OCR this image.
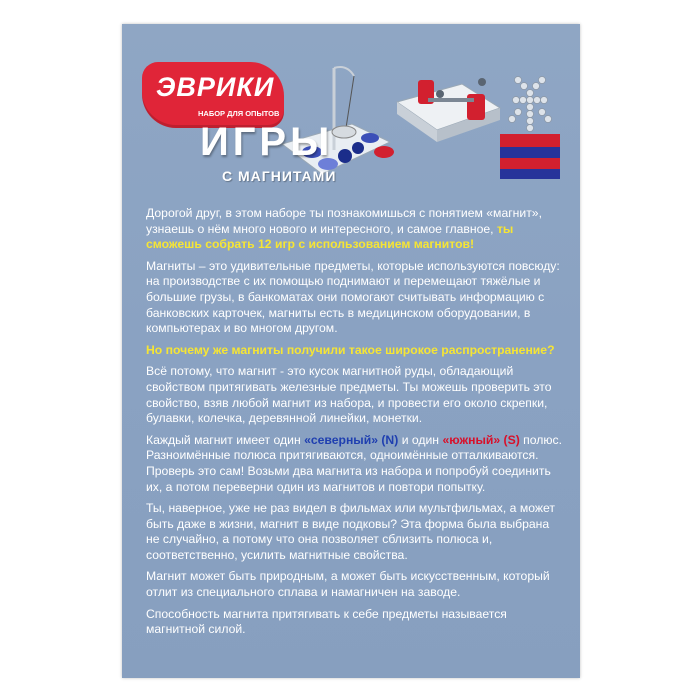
ЭВРИКИ
НАБОР ДЛЯ ОПЫТОВ
ИГРЫ
С МАГНИТАМИ

Дорогой друг, в этом наборе ты познакомишься с понятием «магнит», узнаешь о нём много нового и интересного, и самое главное, ты сможешь собрать 12 игр с использованием магнитов!

Магниты – это удивительные предметы, которые используются повсюду: на производстве с их помощью поднимают и перемещают тяжёлые и большие грузы, в банкоматах они помогают считывать информацию с банковских карточек, магниты есть в медицинском оборудовании, в компьютерах и во многом другом.

Но почему же магниты получили такое широкое распространение?

Всё потому, что магнит - это кусок магнитной руды, обладающий свойством притягивать железные предметы. Ты можешь проверить это свойство, взяв любой магнит из набора, и провести его около скрепки, булавки, колечка, деревянной линейки, монетки.

Каждый магнит имеет один «северный» (N) и один «южный» (S) полюс. Разноимённые полюса притягиваются, одноимённые отталкиваются. Проверь это сам! Возьми два магнита из набора и попробуй соединить их, а потом переверни один из магнитов и повтори попытку.

Ты, наверное, уже не раз видел в фильмах или мультфильмах, а может быть даже в жизни, магнит в виде подковы? Эта форма была выбрана не случайно, а потому что она позволяет сблизить полюса и, соответственно, усилить магнитные свойства.

Магнит может быть природным, а может быть искусственным, который отлит из специального сплава и намагничен на заводе.

Способность магнита притягивать к себе предметы называется магнитной силой.
